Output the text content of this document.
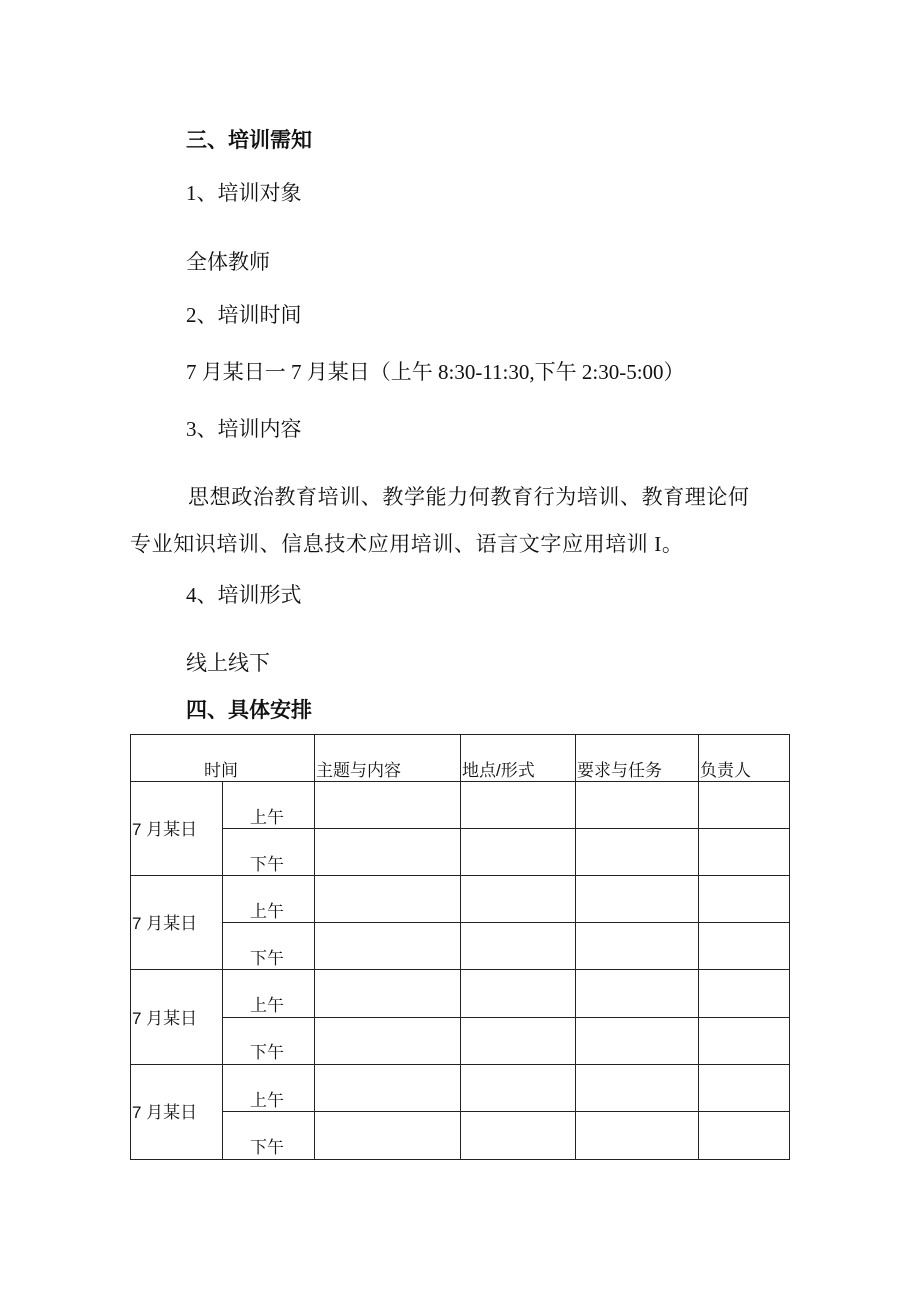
三、培训需知
1、培训对象
全体教师
2、培训时间
7 月某日一 7 月某日（上午 8:30-11:30,下午 2:30-5:00）
3、培训内容
思想政治教育培训、教学能力何教育行为培训、教育理论何
专业知识培训、信息技术应用培训、语言文字应用培训 I。
4、培训形式
线上线下
四、具体安排
时间	主题与内容	地点/形式 要求与任务 负责人
7 月某日
上午
下午
7 月某日
上午
下午
7 月某日
上午
下午
7 月某日
上午
下午
